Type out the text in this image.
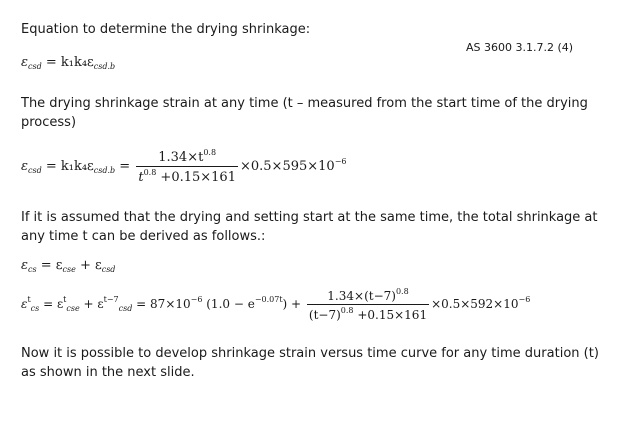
Equation to determine the drying shrinkage:
AS 3600 3.1.7.2 (4)
$\varepsilon_{csd} = k_1k_4\varepsilon_{csd.b}$
The drying shrinkage strain at any time (t – measured from the start time of the drying process)
$\varepsilon_{csd} = k_1k_4\varepsilon_{csd.b} = \frac{1.34\times t^{0.8}}{t^{0.8} +0.15\times 161} \times 0.5\times 595\times 10^{-6}$
If it is assumed that the drying and setting start at the same time, the total shrinkage at any time t can be derived as follows.:
$\varepsilon_{cs} = \varepsilon_{cse} + \varepsilon_{csd}$
$\varepsilon^t_{cs} = \varepsilon^t_{cse} + \varepsilon^{t-7}_{csd} = 87\times 10^{-6}$ $(1.0 - e^{-0.07t}) + \frac{1.34\times(t-7)^{0.8}}{(t-7)^{0.8} +0.15\times 161} \times 0.5\times 592\times 10^{-6}$
Now it is possible to develop shrinkage strain versus time curve for any time duration (t) as shown in the next slide.
